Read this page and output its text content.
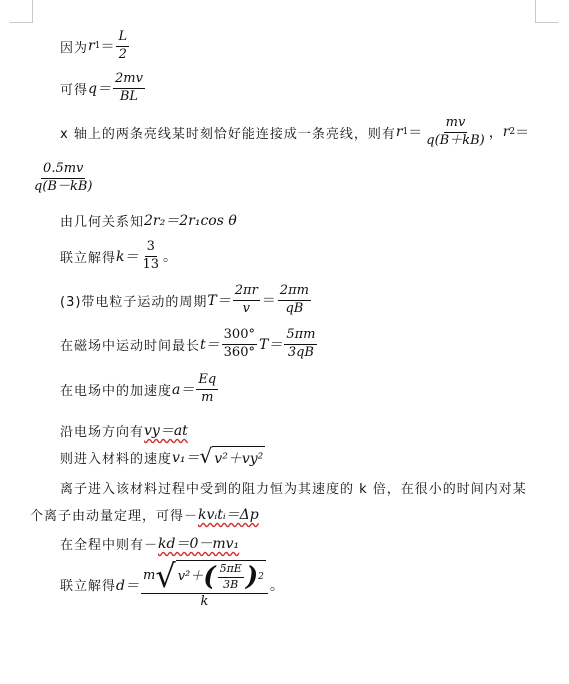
因为 r $1 = \frac{L}{2}$
可得 $q= \frac{2mv}{BL}$
x 轴上的两条亮线某时刻恰好能连接成一条亮线，则有 r $1 = \frac{mv}{q(B+kB)}$ ， r 2 ＝
$\frac{0.5mv}{q(B-kB)}$
由几何关系知 2r₂＝2r₁cos θ
联立解得 $k= \frac{3}{13}$ 。
(3)带电粒子运动的周期 $T= \frac{2\pi r}{v} = \frac{2\pi m}{qB}$
在磁场中运动时间最长 $t= \frac{300^\circ}{360^\circ} T= \frac{5\pi m}{3qB}$
在电场中的加速度 $a= \frac{Eq}{m}$
沿电场方向有 vy＝at
则进入材料的速度 v₁＝ √ v²＋vy²
离子进入该材料过程中受到的阻力恒为其速度的 k 倍，在很小的时间内对某
个离子由动量定理，可得－ kvᵢtᵢ＝Δp
在全程中则有－ kd＝0－mv₁
联立解得 d＝
m √ v²＋ ( $\frac{5\pi E}{3B}$ ) 2
k
。
